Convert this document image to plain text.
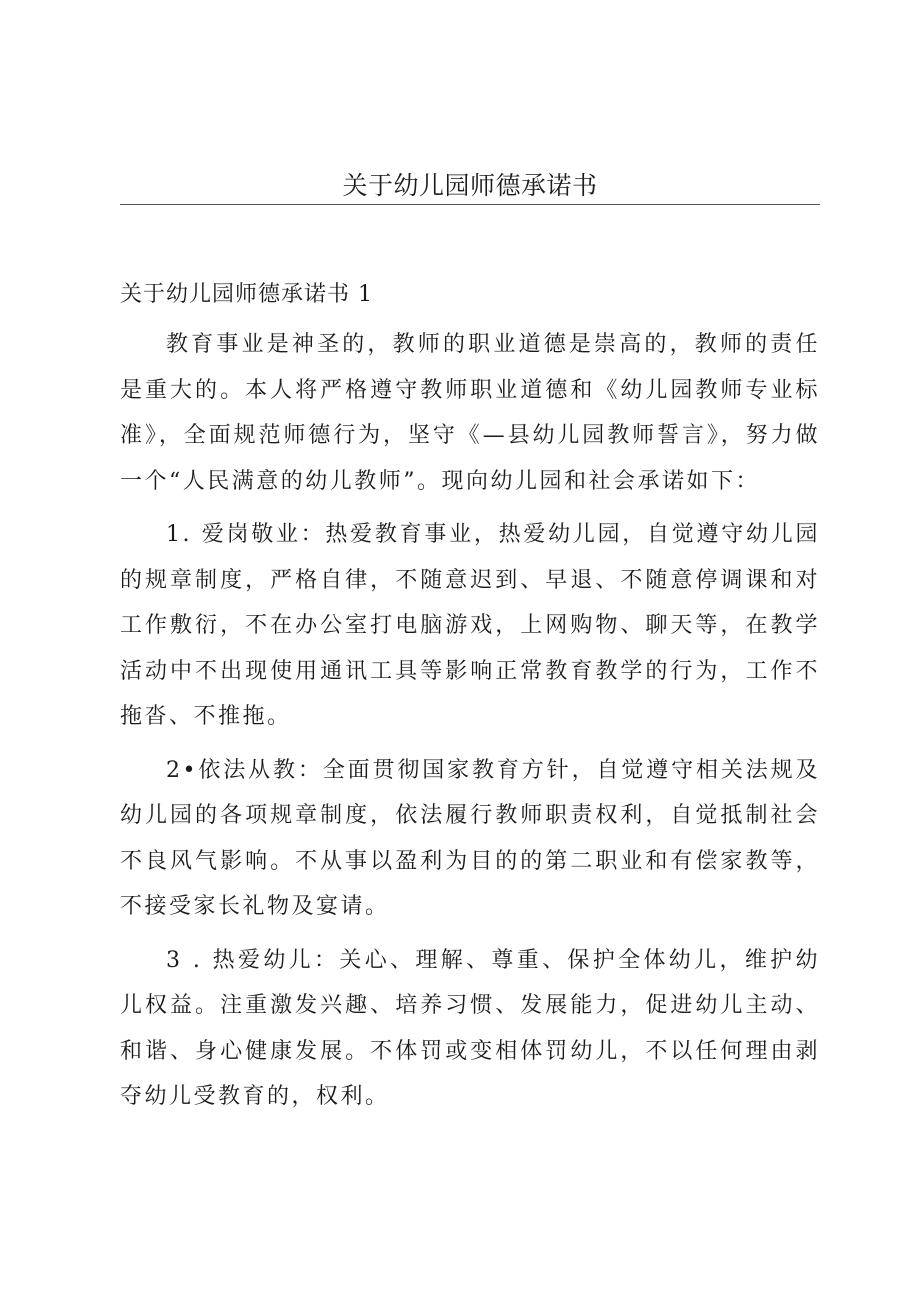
关于幼儿园师德承诺书
关于幼儿园师德承诺书 1

教育事业是神圣的，教师的职业道德是崇高的，教师的责任是重大的。本人将严格遵守教师职业道德和《幼儿园教师专业标准》，全面规范师德行为，坚守《—县幼儿园教师誓言》，努力做一个“人民满意的幼儿教师”。现向幼儿园和社会承诺如下：

1. 爱岗敬业：热爱教育事业，热爱幼儿园，自觉遵守幼儿园的规章制度，严格自律，不随意迟到、早退、不随意停调课和对工作敷衍，不在办公室打电脑游戏，上网购物、聊天等，在教学活动中不出现使用通讯工具等影响正常教育教学的行为，工作不拖沓、不推拖。

2•依法从教：全面贯彻国家教育方针，自觉遵守相关法规及幼儿园的各项规章制度，依法履行教师职责权利，自觉抵制社会不良风气影响。不从事以盈利为目的的第二职业和有偿家教等，不接受家长礼物及宴请。

3 . 热爱幼儿：关心、理解、尊重、保护全体幼儿，维护幼儿权益。注重激发兴趣、培养习惯、发展能力，促进幼儿主动、和谐、身心健康发展。不体罚或变相体罚幼儿，不以任何理由剥夺幼儿受教育的，权利。
